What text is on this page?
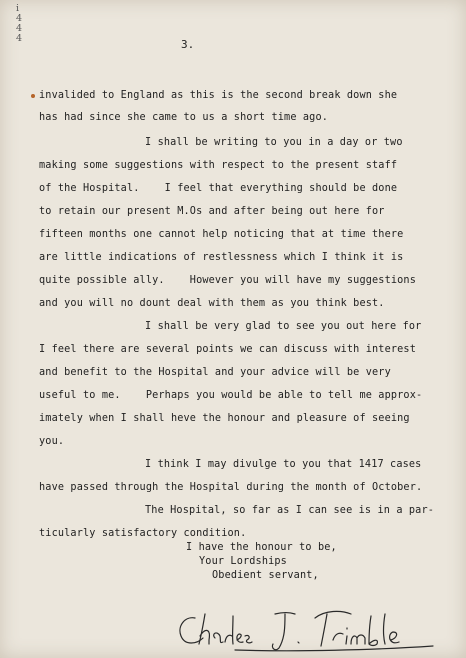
i
4
4
4	3.
invalided to England as this is the second break down she
has had since she came to us a short time ago.
I shall be writing to you in a day or two
making some suggestions with respect to the present staff
of the Hospital.    I feel that everything should be done
to retain our present M.Os and after being out here for
fifteen months one cannot help noticing that at time there
are little indications of restlessness which I think it is
quite possible ally.    However you will have my suggestions
and you will no dount deal with them as you think best.
I shall be very glad to see you out here for
I feel there are several points we can discuss with interest
and benefit to the Hospital and your advice will be very
useful to me.    Perhaps you would be able to tell me approx-
imately when I shall heve the honour and pleasure of seeing
you.
I think I may divulge to you that 1417 cases
have passed through the Hospital during the month of October.
The Hospital, so far as I can see is in a par-
ticularly satisfactory condition.
I have the honour to be,
Your Lordships
Obedient servant,
